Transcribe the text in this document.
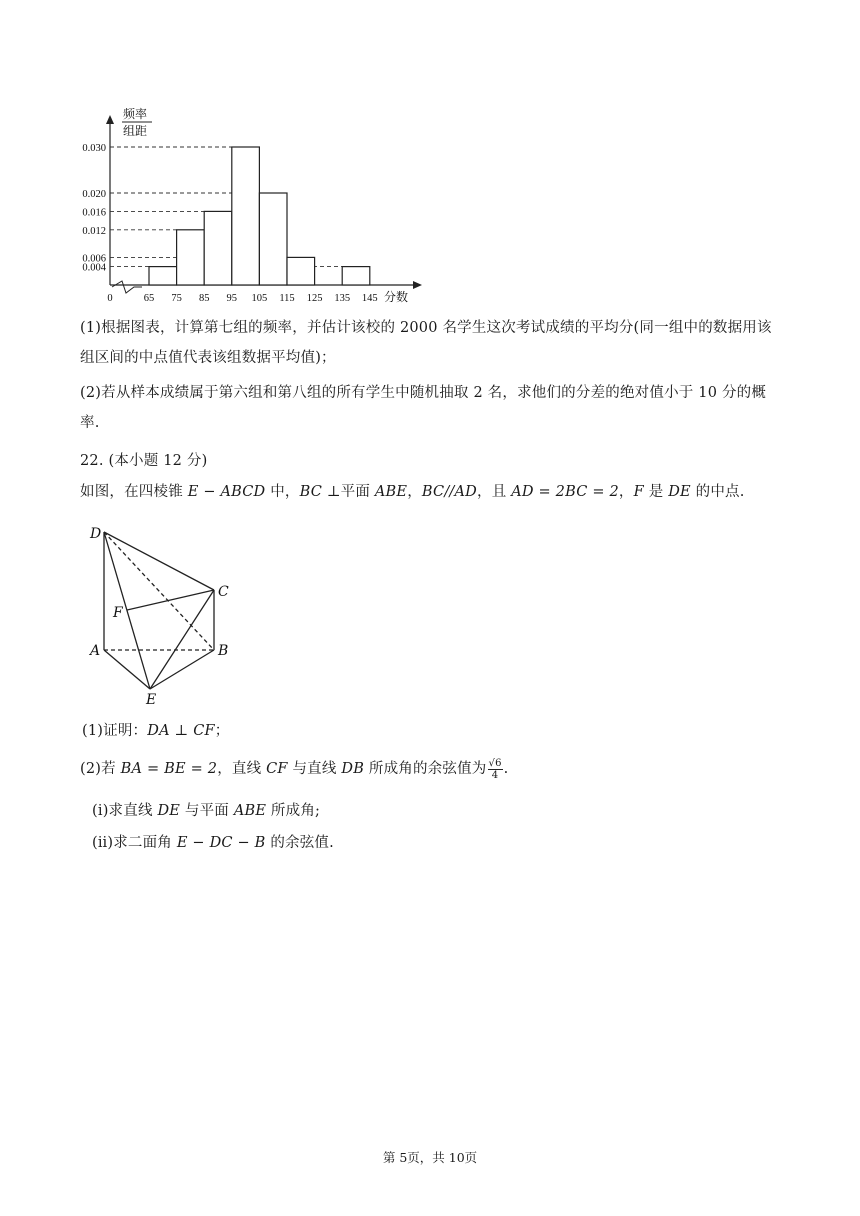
频率
组距
0.030
0.020
0.016
0.012
0.006
0.004
0	65 75 85 95 105 115 125 135 145 分数
(1)根据图表，计算第七组的频率，并估计该校的 2000 名学生这次考试成绩的平均分(同一组中的数据用该
组区间的中点值代表该组数据平均值)；
(2)若从样本成绩属于第六组和第八组的所有学生中随机抽取 2 名，求他们的分差的绝对值小于 10 分的概
率.
22. (本小题 12 分)
如图，在四棱锥 E − ABCD 中，BC ⊥平面 ABE，BC//AD，且 AD = 2BC = 2，F 是 DE 的中点.
D
C
F
A	B
E
(1)证明：DA ⊥ CF；
(2)若 BA = BE = 2，直线 CF 与直线 DB 所成角的余弦值为 $\frac{√6}{4}$ .
(ⅰ)求直线 DE 与平面 ABE 所成角;
(ⅱ)求二面角 E − DC − B 的余弦值.
第 5页，共 10页
